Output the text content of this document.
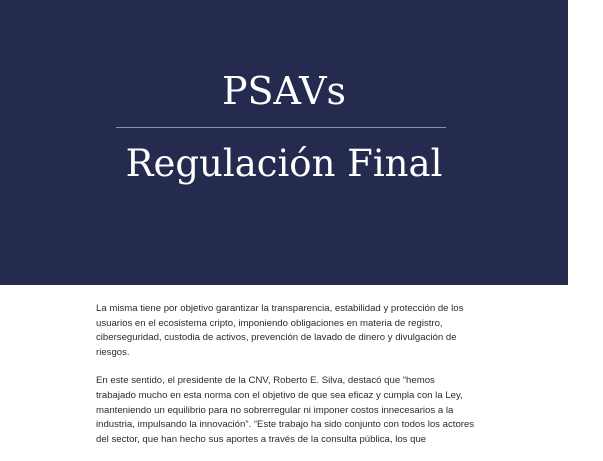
PSAVs
Regulación Final

La misma tiene por objetivo garantizar la transparencia, estabilidad y protección de los usuarios en el ecosistema cripto, imponiendo obligaciones en materia de registro, ciberseguridad, custodia de activos, prevención de lavado de dinero y divulgación de riesgos.

En este sentido, el presidente de la CNV, Roberto E. Silva, destacó que “hemos trabajado mucho en esta norma con el objetivo de que sea eficaz y cumpla con la Ley, manteniendo un equilibrio para no sobrerregular ni imponer costos innecesarios a la industria, impulsando la innovación”. “Este trabajo ha sido conjunto con todos los actores del sector, que han hecho sus aportes a través de la consulta pública, los que
